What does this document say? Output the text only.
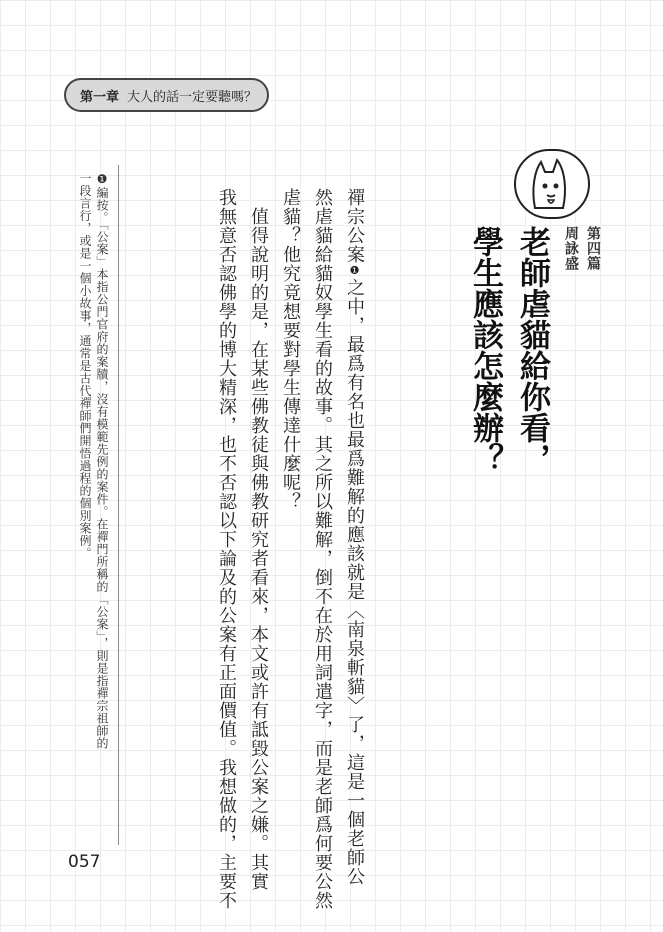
第一章 大人的話一定要聽嗎？
第四篇
周詠盛
老師虐貓給你看，
學生應該怎麼辦？

禪宗公案❶之中，最爲有名也最爲難解的應該就是〈南泉斬貓〉了，這是一個老師公

然虐貓給貓奴學生看的故事。其之所以難解，倒不在於用詞遣字，而是老師爲何要公然

虐貓？他究竟想要對學生傳達什麼呢？

　值得說明的是，在某些佛教徒與佛教研究者看來，本文或許有詆毀公案之嫌。其實

我無意否認佛學的博大精深，也不否認以下論及的公案有正面價值。我想做的，主要不

❶編按。「公案」本指公門官府的案牘，沒有模範先例的案件。在禪門所稱的「公案」，則是指禪宗祖師的

一段言行，或是一個小故事，通常是古代禪師們開悟過程的個別案例。

057
